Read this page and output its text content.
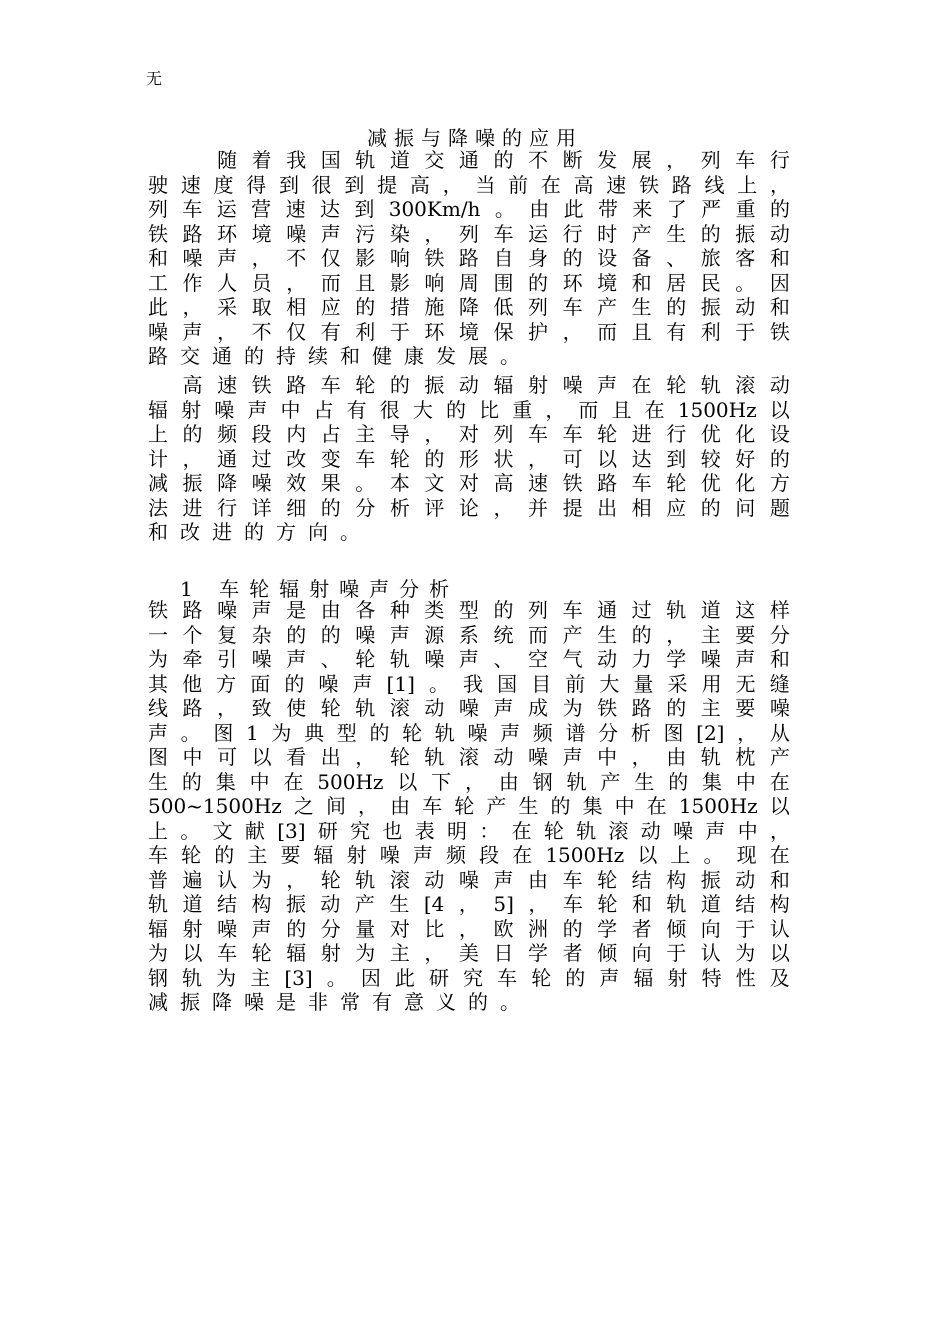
无
减振与降噪的应用

随 着 我 国 轨 道 交 通 的 不 断 发 展 ， 列 车 行
驶 速 度 得 到 很 到 提 高 ， 当 前 在 高 速 铁 路 线 上 ，
列 车 运 营 速 达 到 300Km/h 。 由 此 带 来 了 严 重 的
铁 路 环 境 噪 声 污 染 ， 列 车 运 行 时 产 生 的 振 动
和 噪 声 ， 不 仅 影 响 铁 路 自 身 的 设 备 、 旅 客 和
工 作 人 员 ， 而 且 影 响 周 围 的 环 境 和 居 民 。 因
此 ， 采 取 相 应 的 措 施 降 低 列 车 产 生 的 振 动 和
噪 声 ， 不 仅 有 利 于 环 境 保 护 ， 而 且 有 利 于 铁
路 交 通 的 持 续 和 健 康 发 展 。

高 速 铁 路 车 轮 的 振 动 辐 射 噪 声 在 轮 轨 滚 动
辐 射 噪 声 中 占 有 很 大 的 比 重 ， 而 且 在 1500Hz 以
上 的 频 段 内 占 主 导 ， 对 列 车 车 轮 进 行 优 化 设
计 ， 通 过 改 变 车 轮 的 形 状 ， 可 以 达 到 较 好 的
减 振 降 噪 效 果 。 本 文 对 高 速 铁 路 车 轮 优 化 方
法 进 行 详 细 的 分 析 评 论 ， 并 提 出 相 应 的 问 题
和 改 进 的 方 向 。
1 车轮辐射噪声分析
铁 路 噪 声 是 由 各 种 类 型 的 列 车 通 过 轨 道 这 样
一 个 复 杂 的 的 噪 声 源 系 统 而 产 生 的 ， 主 要 分
为 牵 引 噪 声 、 轮 轨 噪 声 、 空 气 动 力 学 噪 声 和
其 他 方 面 的 噪 声 [1] 。 我 国 目 前 大 量 采 用 无 缝
线 路 ， 致 使 轮 轨 滚 动 噪 声 成 为 铁 路 的 主 要 噪
声 。 图 1 为 典 型 的 轮 轨 噪 声 频 谱 分 析 图 [2] ， 从
图 中 可 以 看 出 ， 轮 轨 滚 动 噪 声 中 ， 由 轨 枕 产
生 的 集 中 在 500Hz 以 下 ， 由 钢 轨 产 生 的 集 中 在
500~1500Hz 之 间 ， 由 车 轮 产 生 的 集 中 在 1500Hz 以
上 。 文 献 [3] 研 究 也 表 明 ： 在 轮 轨 滚 动 噪 声 中 ，
车 轮 的 主 要 辐 射 噪 声 频 段 在 1500Hz 以 上 。 现 在
普 遍 认 为 ， 轮 轨 滚 动 噪 声 由 车 轮 结 构 振 动 和
轨 道 结 构 振 动 产 生 [4 ， 5] ， 车 轮 和 轨 道 结 构
辐 射 噪 声 的 分 量 对 比 ， 欧 洲 的 学 者 倾 向 于 认
为 以 车 轮 辐 射 为 主 ， 美 日 学 者 倾 向 于 认 为 以
钢 轨 为 主 [3] 。 因 此 研 究 车 轮 的 声 辐 射 特 性 及
减 振 降 噪 是 非 常 有 意 义 的 。
